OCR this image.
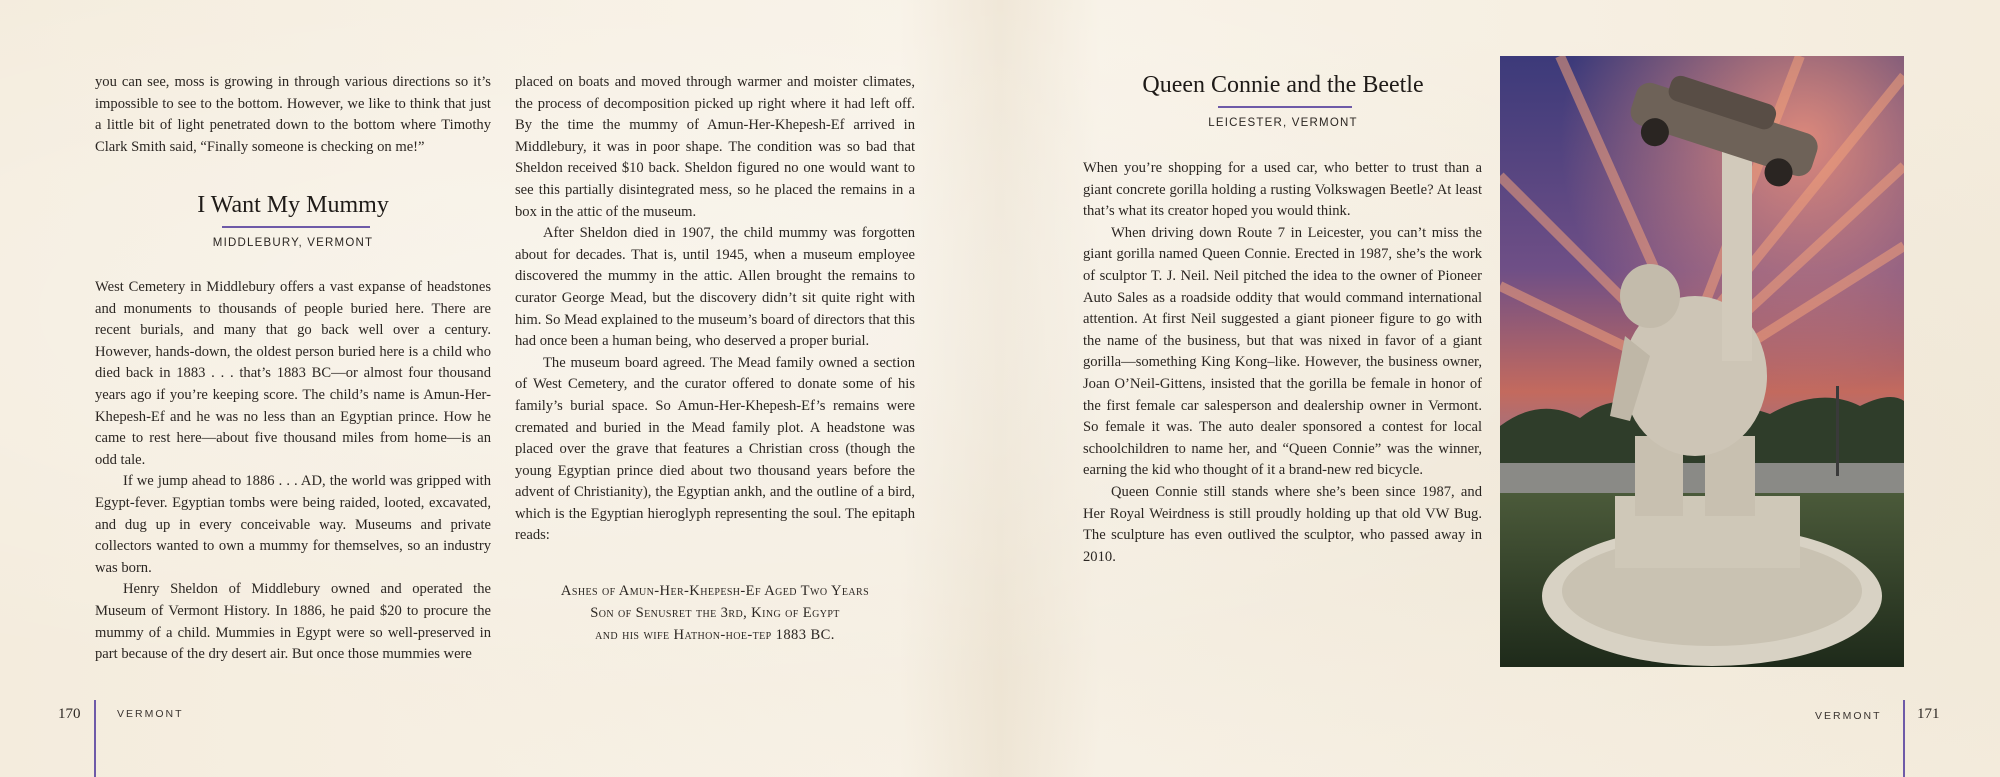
you can see, moss is growing in through various directions so it’s impossible to see to the bottom. However, we like to think that just a little bit of light penetrated down to the bottom where Timothy Clark Smith said, “Finally someone is checking on me!”

I Want My Mummy
MIDDLEBURY, VERMONT

West Cemetery in Middlebury offers a vast expanse of headstones and monuments to thousands of people buried here. There are recent burials, and many that go back well over a century. However, hands-down, the oldest person buried here is a child who died back in 1883 . . . that’s 1883 BC—or almost four thousand years ago if you’re keeping score. The child’s name is Amun-Her-Khepesh-Ef and he was no less than an Egyptian prince. How he came to rest here—about five thousand miles from home—is an odd tale.

If we jump ahead to 1886 . . . AD, the world was gripped with Egypt-fever. Egyptian tombs were being raided, looted, excavated, and dug up in every conceivable way. Museums and private collectors wanted to own a mummy for themselves, so an industry was born.

Henry Sheldon of Middlebury owned and operated the Museum of Vermont History. In 1886, he paid $20 to procure the mummy of a child. Mummies in Egypt were so well-preserved in part because of the dry desert air. But once those mummies were

placed on boats and moved through warmer and moister climates, the process of decomposition picked up right where it had left off. By the time the mummy of Amun-Her-Khepesh-Ef arrived in Middlebury, it was in poor shape. The condition was so bad that Sheldon received $10 back. Sheldon figured no one would want to see this partially disintegrated mess, so he placed the remains in a box in the attic of the museum.

After Sheldon died in 1907, the child mummy was forgotten about for decades. That is, until 1945, when a museum employee discovered the mummy in the attic. Allen brought the remains to curator George Mead, but the discovery didn’t sit quite right with him. So Mead explained to the museum’s board of directors that this had once been a human being, who deserved a proper burial.

The museum board agreed. The Mead family owned a section of West Cemetery, and the curator offered to donate some of his family’s burial space. So Amun-Her-Khepesh-Ef’s remains were cremated and buried in the Mead family plot. A headstone was placed over the grave that features a Christian cross (though the young Egyptian prince died about two thousand years before the advent of Christianity), the Egyptian ankh, and the outline of a bird, which is the Egyptian hieroglyph representing the soul. The epitaph reads:

Ashes of Amun-Her-Khepesh-Ef Aged Two Years
Son of Senusret the 3rd, King of Egypt
and his wife Hathon-hoe-tep 1883 BC.
170	VERMONT
Queen Connie and the Beetle
LEICESTER, VERMONT

When you’re shopping for a used car, who better to trust than a giant concrete gorilla holding a rusting Volkswagen Beetle? At least that’s what its creator hoped you would think.

When driving down Route 7 in Leicester, you can’t miss the giant gorilla named Queen Connie. Erected in 1987, she’s the work of sculptor T. J. Neil. Neil pitched the idea to the owner of Pioneer Auto Sales as a roadside oddity that would command international attention. At first Neil suggested a giant pioneer figure to go with the name of the business, but that was nixed in favor of a giant gorilla—something King Kong–like. However, the business owner, Joan O’Neil-Gittens, insisted that the gorilla be female in honor of the first female car salesperson and dealership owner in Vermont. So female it was. The auto dealer sponsored a contest for local schoolchildren to name her, and “Queen Connie” was the winner, earning the kid who thought of it a brand-new red bicycle.

Queen Connie still stands where she’s been since 1987, and Her Royal Weirdness is still proudly holding up that old VW Bug. The sculpture has even outlived the sculptor, who passed away in 2010.

VERMONT 171
